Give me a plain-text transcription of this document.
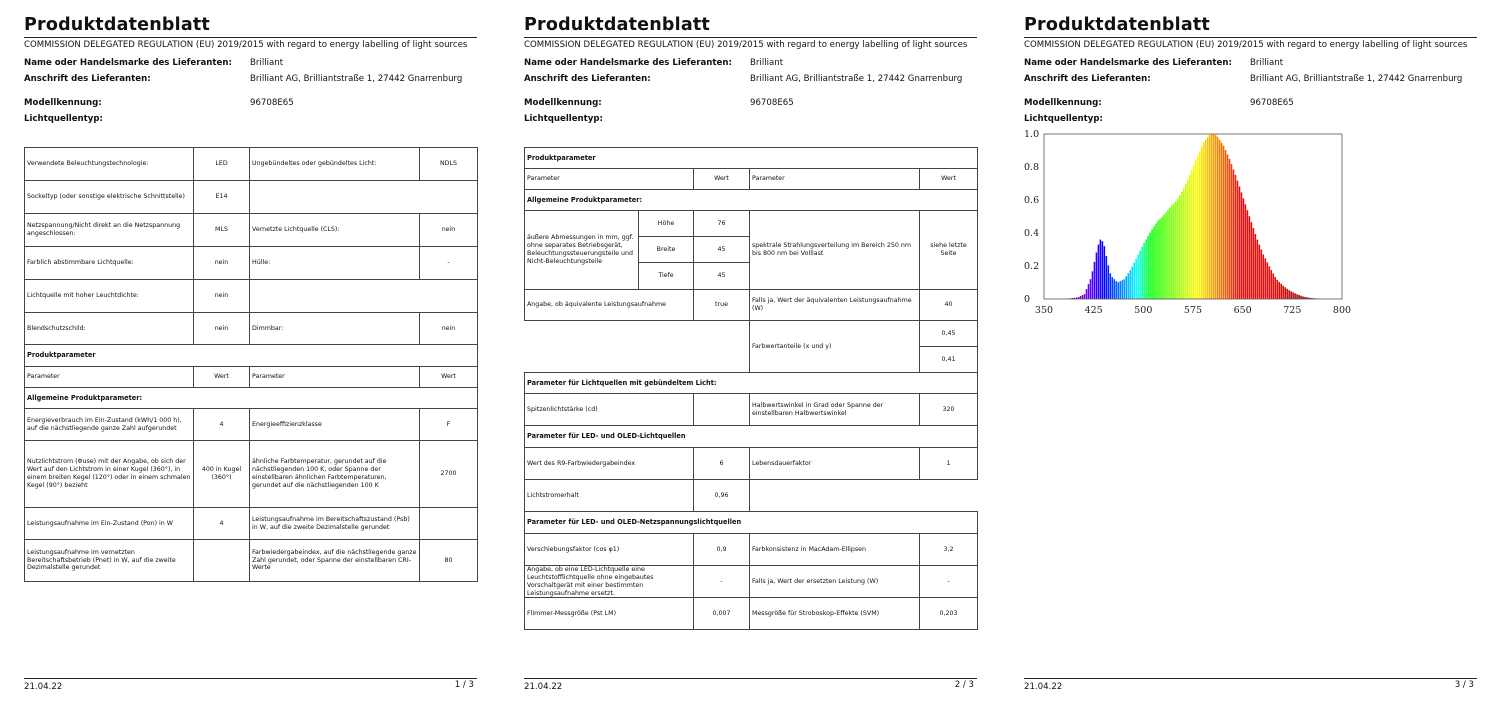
Produktdatenblatt
COMMISSION DELEGATED REGULATION (EU) 2019/2015 with regard to energy labelling of light sources
Name oder Handelsmarke des Lieferanten: Brilliant
Anschrift des Lieferanten:	Brilliant AG, Brilliantstraße 1, 27442 Gnarrenburg
Modellkennung:	96708E65
Lichtquellentyp:
Verwendete Beleuchtungstechnologie:	LED	Ungebündeltes oder gebündeltes Licht:	NDLS
Sockeltyp (oder sonstige elektrische Schnittstelle)	E14		
Netzspannung/Nicht direkt an die Netzspannung angeschlossen:	MLS	Vernetzte Lichtquelle (CLS):	nein
Farblich abstimmbare Lichtquelle:	nein	Hülle:	-
Lichtquelle mit hoher Leuchtdichte:	nein		
Blendschutzschild:	nein	Dimmbar:	nein
Produktparameter			
Parameter	Wert	Parameter	Wert
Allgemeine Produktparameter:			
Energieverbrauch im Ein-Zustand (kWh/1 000 h), auf die nächstliegende ganze Zahl aufgerundet	4	Energieeffizienzklasse	F
Nutzlichtstrom (Φuse) mit der Angabe, ob sich der Wert auf den Lichtstrom in einer Kugel (360°), in einem breiten Kegel (120°) oder in einem schmalen Kegel (90°) bezieht	400 in Kugel (360°)	ähnliche Farbtemperatur, gerundet auf die nächstliegenden 100 K, oder Spanne der einstellbaren ähnlichen Farbtemperaturen, gerundet auf die nächstliegenden 100 K	2700
Leistungsaufnahme im Ein-Zustand (Pon) in W	4	Leistungsaufnahme im Bereitschaftszustand (Psb) in W, auf die zweite Dezimalstelle gerundet	
Leistungsaufnahme im vernetzten Bereitschaftsbetrieb (Pnet) in W, auf die zweite Dezimalstelle gerundet		Farbwiedergabeindex, auf die nächstliegende ganze Zahl gerundet, oder Spanne der einstellbaren CRI-Werte	80
21.04.22	1 / 3
Produktdatenblatt
COMMISSION DELEGATED REGULATION (EU) 2019/2015 with regard to energy labelling of light sources
Name oder Handelsmarke des Lieferanten: Brilliant
Anschrift des Lieferanten:	Brilliant AG, Brilliantstraße 1, 27442 Gnarrenburg
Modellkennung:	96708E65
Lichtquellentyp:
Produktparameter				
Parameter		Wert	Parameter	Wert
Allgemeine Produktparameter:				
äußere Abmessungen in mm, ggf. ohne separates Betriebsgerät, Beleuchtungssteuerungsteile und Nicht-Beleuchtungsteile	Höhe	76	spektrale Strahlungsverteilung im Bereich 250 nm bis 800 nm bei Volllast	siehe letzte Seite
	Breite	45		
	Tiefe	45		
Angabe, ob äquivalente Leistungsaufnahme		true	Falls ja, Wert der äquivalenten Leistungsaufnahme (W)	40
			Farbwertanteile (x und y)	0,45
				0,41
Parameter für Lichtquellen mit gebündeltem Licht:				
Spitzenlichtstärke (cd)			Halbwertswinkel in Grad oder Spanne der einstellbaren Halbwertswinkel	320
Parameter für LED- und OLED-Lichtquellen				
Wert des R9-Farbwiedergabeindex		6	Lebensdauerfaktor	1
Lichtstromerhalt		0,96		
Parameter für LED- und OLED-Netzspannungslichtquellen				
Verschiebungsfaktor (cos φ1)		0,9	Farbkonsistenz in MacAdam-Ellipsen	3,2
Angabe, ob eine LED-Lichtquelle eine Leuchtstofflichtquelle ohne eingebautes Vorschaltgerät mit einer bestimmten Leistungsaufnahme ersetzt.		-	Falls ja, Wert der ersetzten Leistung (W)	-
Flimmer-Messgröße (Pst LM)		0,007	Messgröße für Stroboskop-Effekte (SVM)	0,203
21.04.22	2 / 3
Produktdatenblatt
COMMISSION DELEGATED REGULATION (EU) 2019/2015 with regard to energy labelling of light sources
Name oder Handelsmarke des Lieferanten: Brilliant
Anschrift des Lieferanten:	Brilliant AG, Brilliantstraße 1, 27442 Gnarrenburg
Modellkennung:	96708E65
Lichtquellentyp:
350	425	500	575	650	725	800
0
0.2
0.4
0.6
0.8
1.0
21.04.22	3 / 3
